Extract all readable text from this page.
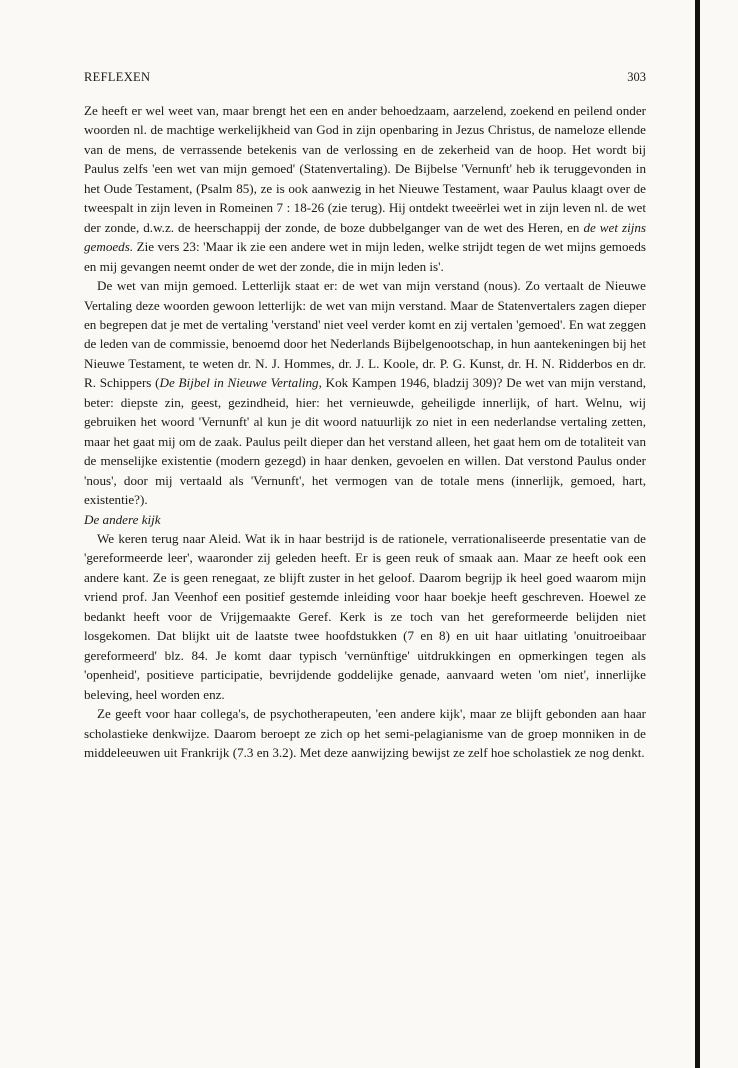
REFLEXEN	303

Ze heeft er wel weet van, maar brengt het een en ander behoedzaam, aarzelend, zoekend en peilend onder woorden nl. de machtige werkelijkheid van God in zijn openbaring in Jezus Christus, de nameloze ellende van de mens, de verrassende betekenis van de verlossing en de zekerheid van de hoop. Het wordt bij Paulus zelfs 'een wet van mijn gemoed' (Statenvertaling). De Bijbelse 'Vernunft' heb ik teruggevonden in het Oude Testament, (Psalm 85), ze is ook aanwezig in het Nieuwe Testament, waar Paulus klaagt over de tweespalt in zijn leven in Romeinen 7 : 18-26 (zie terug). Hij ontdekt tweeërlei wet in zijn leven nl. de wet der zonde, d.w.z. de heerschappij der zonde, de boze dubbelganger van de wet des Heren, en de wet zijns gemoeds. Zie vers 23: 'Maar ik zie een andere wet in mijn leden, welke strijdt tegen de wet mijns gemoeds en mij gevangen neemt onder de wet der zonde, die in mijn leden is'.

De wet van mijn gemoed. Letterlijk staat er: de wet van mijn verstand (nous). Zo vertaalt de Nieuwe Vertaling deze woorden gewoon letterlijk: de wet van mijn verstand. Maar de Statenvertalers zagen dieper en begrepen dat je met de vertaling 'verstand' niet veel verder komt en zij vertalen 'gemoed'. En wat zeggen de leden van de commissie, benoemd door het Nederlands Bijbelgenootschap, in hun aantekeningen bij het Nieuwe Testament, te weten dr. N. J. Hommes, dr. J. L. Koole, dr. P. G. Kunst, dr. H. N. Ridderbos en dr. R. Schippers (De Bijbel in Nieuwe Vertaling, Kok Kampen 1946, bladzij 309)? De wet van mijn verstand, beter: diepste zin, geest, gezindheid, hier: het vernieuwde, geheiligde innerlijk, of hart. Welnu, wij gebruiken het woord 'Vernunft' al kun je dit woord natuurlijk zo niet in een nederlandse vertaling zetten, maar het gaat mij om de zaak. Paulus peilt dieper dan het verstand alleen, het gaat hem om de totaliteit van de menselijke existentie (modern gezegd) in haar denken, gevoelen en willen. Dat verstond Paulus onder 'nous', door mij vertaald als 'Vernunft', het vermogen van de totale mens (innerlijk, gemoed, hart, existentie?).

De andere kijk

We keren terug naar Aleid. Wat ik in haar bestrijd is de rationele, verrationaliseerde presentatie van de 'gereformeerde leer', waaronder zij geleden heeft. Er is geen reuk of smaak aan. Maar ze heeft ook een andere kant. Ze is geen renegaat, ze blijft zuster in het geloof. Daarom begrijp ik heel goed waarom mijn vriend prof. Jan Veenhof een positief gestemde inleiding voor haar boekje heeft geschreven. Hoewel ze bedankt heeft voor de Vrijgemaakte Geref. Kerk is ze toch van het gereformeerde belijden niet losgekomen. Dat blijkt uit de laatste twee hoofdstukken (7 en 8) en uit haar uitlating 'onuitroeibaar gereformeerd' blz. 84. Je komt daar typisch 'vernünftige' uitdrukkingen en opmerkingen tegen als 'openheid', positieve participatie, bevrijdende goddelijke genade, aanvaard weten 'om niet', innerlijke beleving, heel worden enz.

Ze geeft voor haar collega's, de psychotherapeuten, 'een andere kijk', maar ze blijft gebonden aan haar scholastieke denkwijze. Daarom beroept ze zich op het semi-pelagianisme van de groep monniken in de middeleeuwen uit Frankrijk (7.3 en 3.2). Met deze aanwijzing bewijst ze zelf hoe scholastiek ze nog denkt.
